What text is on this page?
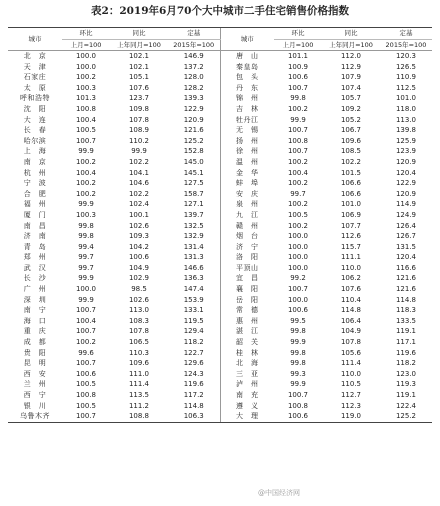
表2：2019年6月70个大中城市二手住宅销售价格指数
城市	环比	同比	定基	城市	环比	同比	定基
	上月=100	上年同月=100	2015年=100		上月=100	上年同月=100	2015年=100
北　京	100.0	102.1	146.9	唐　山	101.1	112.0	120.3
天　津	100.0	102.1	137.2	秦皇岛	100.9	112.9	126.5
石家庄	100.2	105.1	128.0	包　头	100.6	107.9	110.9
太　原	100.3	107.6	128.2	丹　东	100.7	107.4	112.5
呼和浩特	101.3	123.7	139.3	锦　州	99.8	105.7	101.0
沈　阳	100.8	109.8	122.9	吉　林	100.2	109.2	118.0
大　连	100.4	107.8	120.9	牡丹江	99.9	105.2	113.0
长　春	100.5	108.9	121.6	无　锡	100.7	106.7	139.8
哈尔滨	100.7	110.2	125.2	扬　州	100.8	109.6	125.9
上　海	99.9	99.9	152.8	徐　州	100.7	108.5	123.9
南　京	100.2	102.2	145.0	温　州	100.2	102.2	120.9
杭　州	100.4	104.1	145.1	金　华	100.4	101.5	120.4
宁　波	100.2	104.6	127.5	蚌　埠	100.2	106.6	122.9
合　肥	100.2	102.2	158.7	安　庆	99.7	106.6	120.9
福　州	99.9	102.4	127.1	泉　州	100.2	101.0	114.9
厦　门	100.3	100.1	139.7	九　江	100.5	106.9	124.9
南　昌	99.8	102.6	132.5	赣　州	100.2	107.7	126.4
济　南	99.8	109.3	132.9	烟　台	100.0	112.6	126.7
青　岛	99.4	104.2	131.4	济　宁	100.0	115.7	131.5
郑　州	99.7	100.6	131.3	洛　阳	100.0	111.1	120.4
武　汉	99.7	104.9	146.6	平顶山	100.0	110.0	116.6
长　沙	99.9	102.9	136.3	宜　昌	99.2	106.2	121.6
广　州	100.0	98.5	147.4	襄　阳	100.7	107.6	121.6
深　圳	99.9	102.6	153.9	岳　阳	100.0	110.4	114.8
南　宁	100.7	113.0	133.1	常　德	100.6	114.8	118.3
海　口	100.4	108.3	119.5	惠　州	99.5	106.4	133.5
重　庆	100.7	107.8	129.4	湛　江	99.8	104.9	119.1
成　都	100.2	106.5	118.2	韶　关	99.9	107.8	117.1
贵　阳	99.6	110.3	122.7	桂　林	99.8	105.6	119.6
昆　明	100.7	109.6	129.6	北　海	99.8	111.4	118.2
西　安	100.6	111.0	124.3	三　亚	99.3	110.0	123.0
兰　州	100.5	111.4	119.6	泸　州	99.9	110.5	119.3
西　宁	100.8	113.5	117.2	南　充	100.7	112.7	119.1
银　川	100.5	111.2	114.8	遵　义	100.8	112.3	122.4
乌鲁木齐	100.7	108.8	106.3	大　理	100.6	119.0	125.2
@中国经济网
